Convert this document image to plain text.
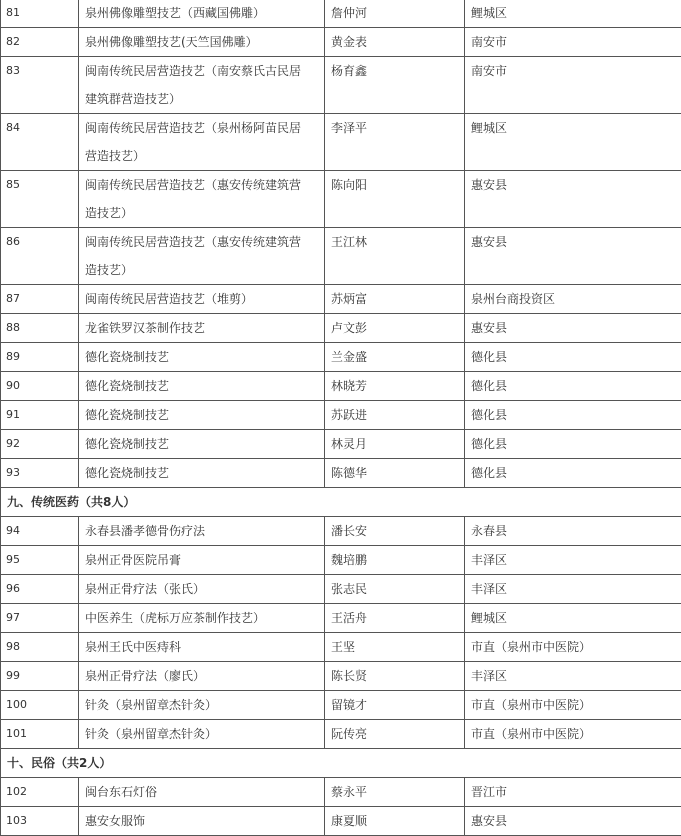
81	泉州佛像雕塑技艺（西藏国佛雕）	詹仲河	鲤城区
82	泉州佛像雕塑技艺(天竺国佛雕）	黄金表	南安市
83	闽南传统民居营造技艺（南安蔡氏古民居
建筑群营造技艺）	杨育鑫	南安市
84	闽南传统民居营造技艺（泉州杨阿苗民居
营造技艺）	李泽平	鲤城区
85	闽南传统民居营造技艺（惠安传统建筑营
造技艺）	陈向阳	惠安县
86	闽南传统民居营造技艺（惠安传统建筑营
造技艺）	王江林	惠安县
87	闽南传统民居营造技艺（堆剪）	苏炳富	泉州台商投资区
88	龙雀铁罗汉茶制作技艺	卢文彭	惠安县
89	德化瓷烧制技艺	兰金盛	德化县
90	德化瓷烧制技艺	林晓芳	德化县
91	德化瓷烧制技艺	苏跃进	德化县
92	德化瓷烧制技艺	林灵月	德化县
93	德化瓷烧制技艺	陈德华	德化县
九、传统医药（共8人）			
94	永春县潘孝德骨伤疗法	潘长安	永春县
95	泉州正骨医院吊膏	魏培鹏	丰泽区
96	泉州正骨疗法（张氏）	张志民	丰泽区
97	中医养生（虎标万应茶制作技艺）	王活舟	鲤城区
98	泉州王氏中医痔科	王坚	市直（泉州市中医院）
99	泉州正骨疗法（廖氏）	陈长贤	丰泽区
100	针灸（泉州留章杰针灸）	留镜才	市直（泉州市中医院）
101	针灸（泉州留章杰针灸）	阮传亮	市直（泉州市中医院）
十、民俗（共2人）			
102	闽台东石灯俗	蔡永平	晋江市
103	惠安女服饰	康夏顺	惠安县
